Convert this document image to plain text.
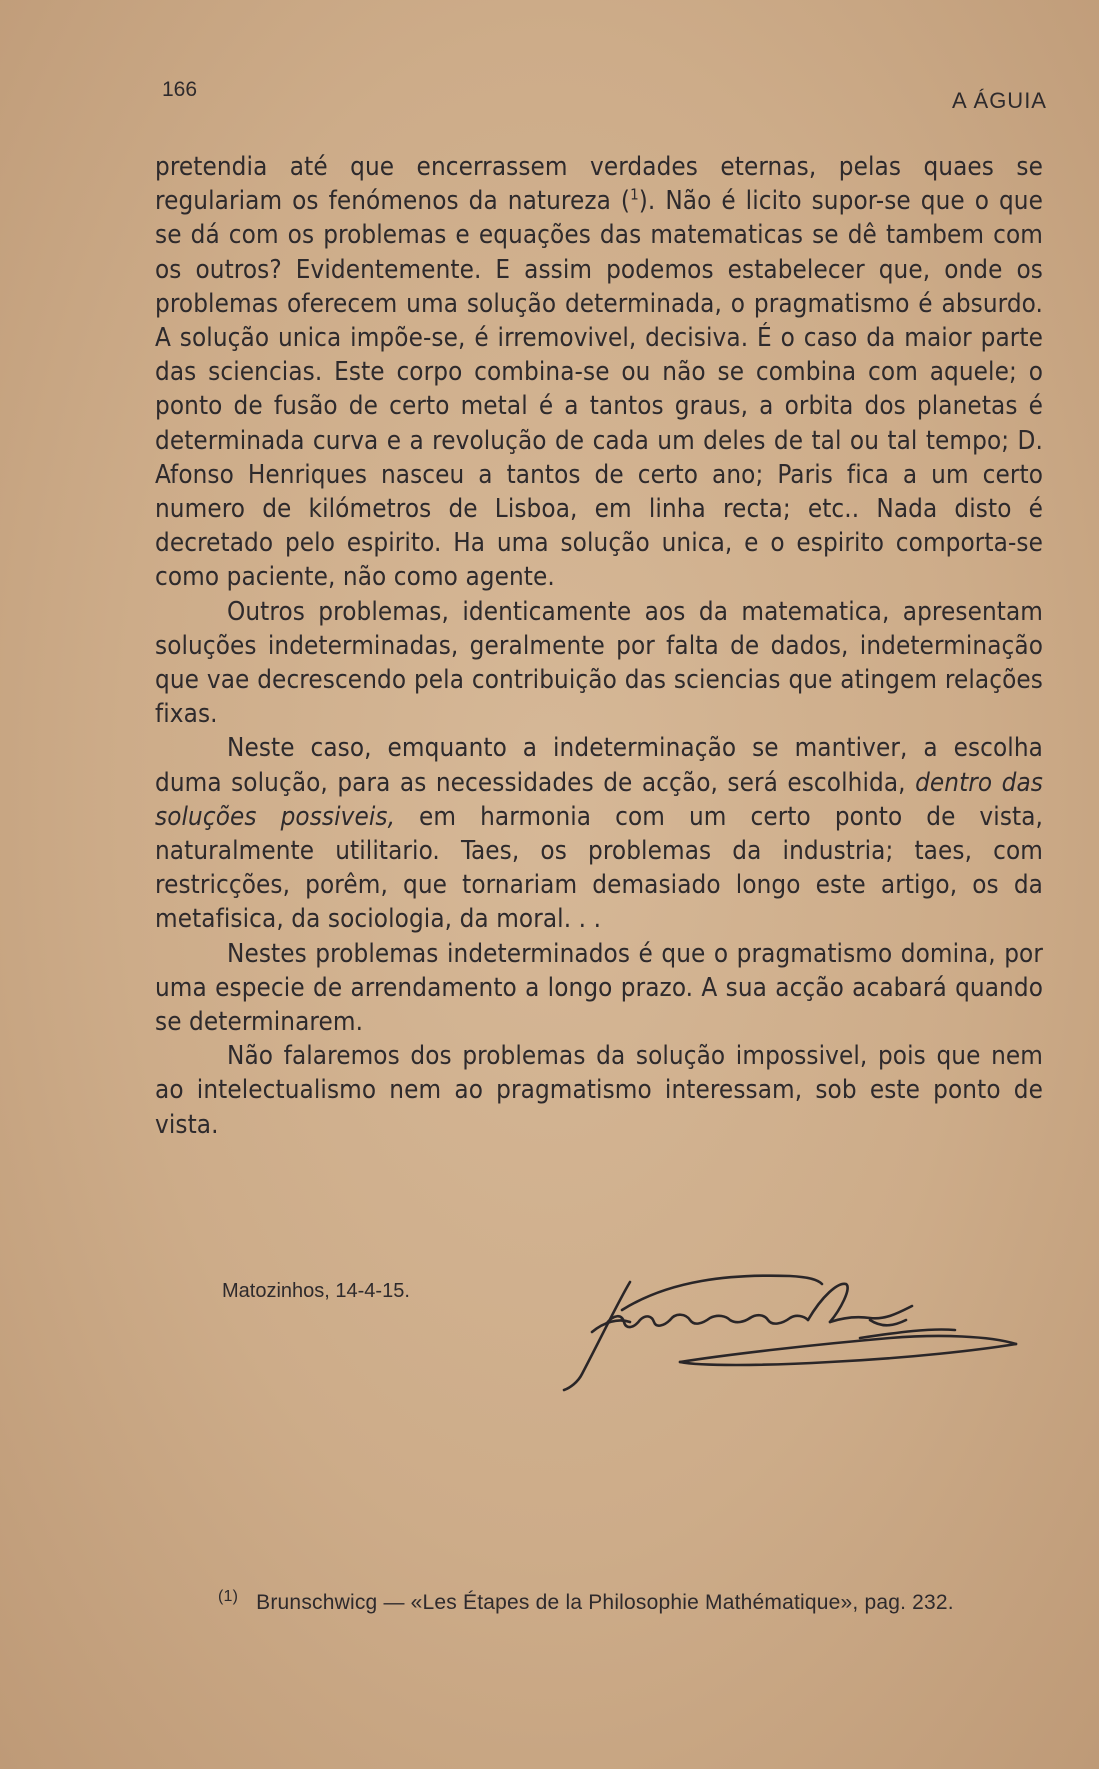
166	A ÁGUIA

pretendia até que encerrassem verdades eternas, pelas quaes se regulariam os fenómenos da natureza ($^1$). Não é licito supor-se que o que se dá com os problemas e equações das matematicas se dê tambem com os outros? Evidentemente. E assim podemos estabelecer que, onde os problemas oferecem uma solução determinada, o pragmatismo é absurdo. A solução unica impõe-se, é irremovivel, decisiva. É o caso da maior parte das sciencias. Este corpo combina-se ou não se combina com aquele; o ponto de fusão de certo metal é a tantos graus, a orbita dos planetas é determinada curva e a revolução de cada um deles de tal ou tal tempo; D. Afonso Henriques nasceu a tantos de certo ano; Paris fica a um certo numero de kilómetros de Lisboa, em linha recta; etc.. Nada disto é decretado pelo espirito. Ha uma solução unica, e o espirito comporta-se como paciente, não como agente.

Outros problemas, identicamente aos da matematica, apresentam soluções indeterminadas, geralmente por falta de dados, indeterminação que vae decrescendo pela contribuição das sciencias que atingem relações fixas.

Neste caso, emquanto a indeterminação se mantiver, a escolha duma solução, para as necessidades de acção, será escolhida, dentro das soluções possiveis, em harmonia com um certo ponto de vista, naturalmente utilitario. Taes, os problemas da industria; taes, com restricções, porêm, que tornariam demasiado longo este artigo, os da metafisica, da sociologia, da moral. . .

Nestes problemas indeterminados é que o pragmatismo domina, por uma especie de arrendamento a longo prazo. A sua acção acabará quando se determinarem.

Não falaremos dos problemas da solução impossivel, pois que nem ao intelectualismo nem ao pragmatismo interessam, sob este ponto de vista.

Matozinhos, 14-4-15.
$^{(1)}$ Brunschwicg — «Les Étapes de la Philosophie Mathématique», pag. 232.
